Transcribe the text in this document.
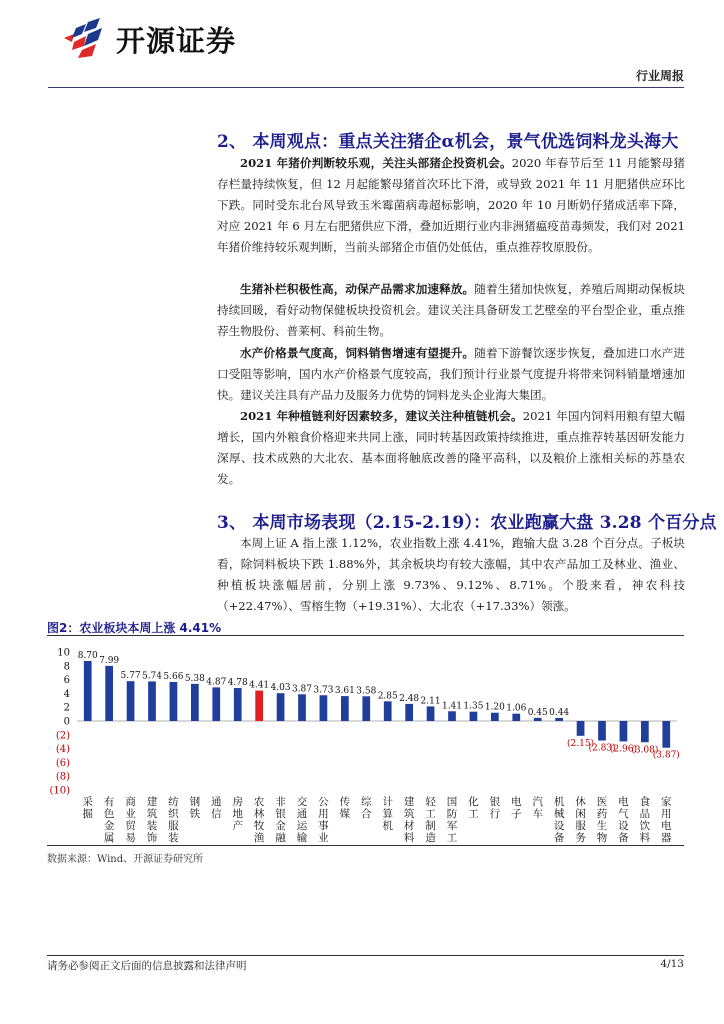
开源证券
行业周报
2、 本周观点：重点关注猪企α机会，景气优选饲料龙头海大
2021 年猪价判断较乐观，关注头部猪企投资机会。2020 年春节后至 11 月能繁母猪存栏量持续恢复，但 12 月起能繁母猪首次环比下滑，或导致 2021 年 11 月肥猪供应环比下跌。同时受东北台风导致玉米霉菌病毒超标影响，2020 年 10 月断奶仔猪成活率下降，对应 2021 年 6 月左右肥猪供应下滑，叠加近期行业内非洲猪瘟疫苗毒频发，我们对 2021 年猪价维持较乐观判断，当前头部猪企市值仍处低估，重点推荐牧原股份。
生猪补栏积极性高，动保产品需求加速释放。随着生猪加快恢复，养殖后周期动保板块持续回暖，看好动物保健板块投资机会。建议关注具备研发工艺壁垒的平台型企业，重点推荐生物股份、普莱柯、科前生物。
水产价格景气度高，饲料销售增速有望提升。随着下游餐饮逐步恢复，叠加进口水产进口受阻等影响，国内水产价格景气度较高，我们预计行业景气度提升将带来饲料销量增速加快。建议关注具有产品力及服务力优势的饲料龙头企业海大集团。
2021 年种植链利好因素较多，建议关注种植链机会。2021 年国内饲料用粮有望大幅增长，国内外粮食价格迎来共同上涨，同时转基因政策持续推进，重点推荐转基因研发能力深厚、技术成熟的大北农、基本面将触底改善的隆平高科，以及粮价上涨相关标的苏垦农发。
3、 本周市场表现（2.15-2.19）：农业跑赢大盘 3.28 个百分点
本周上证 A 指上涨 1.12%，农业指数上涨 4.41%，跑输大盘 3.28 个百分点。子板块看，除饲料板块下跌 1.88%外，其余板块均有较大涨幅，其中农产品加工及林业、渔业、种植板块涨幅居前，分别上涨 9.73%、9.12%、8.71%。个股来看，神农科技（+22.47%）、雪榕生物（+19.31%）、大北农（+17.33%）领涨。
图2：农业板块本周上涨 4.41%
10
8
6
4
2
0
(2)
(4)
(6)
(8)
(10)
8.70
采
掘
7.99
有
色
金
属
5.77
商
业
贸
易
5.74
建
筑
装
饰
5.66
纺
织
服
装
5.38
钢
铁
4.87
通
信
4.78
房
地
产
4.41
农
林
牧
渔
4.03
非
银
金
融
3.87
交
通
运
输
3.73
公
用
事
业
3.61
传
媒
3.58
综
合
2.85
计
算
机
2.48
建
筑
材
料
2.11
轻
工
制
造
1.41
国
防
军
工
1.35
化
工
1.20
银
行
1.06
电
子
0.45
汽
车
0.44
机
械
设
备
(2.15)
休
闲
服
务
(2.83)
医
药
生
物
(2.96)
电
气
设
备
(3.08)
食
品
饮
料
(3.87)
家
用
电
器
数据来源：Wind、开源证券研究所
请务必参阅正文后面的信息披露和法律声明	4/13
